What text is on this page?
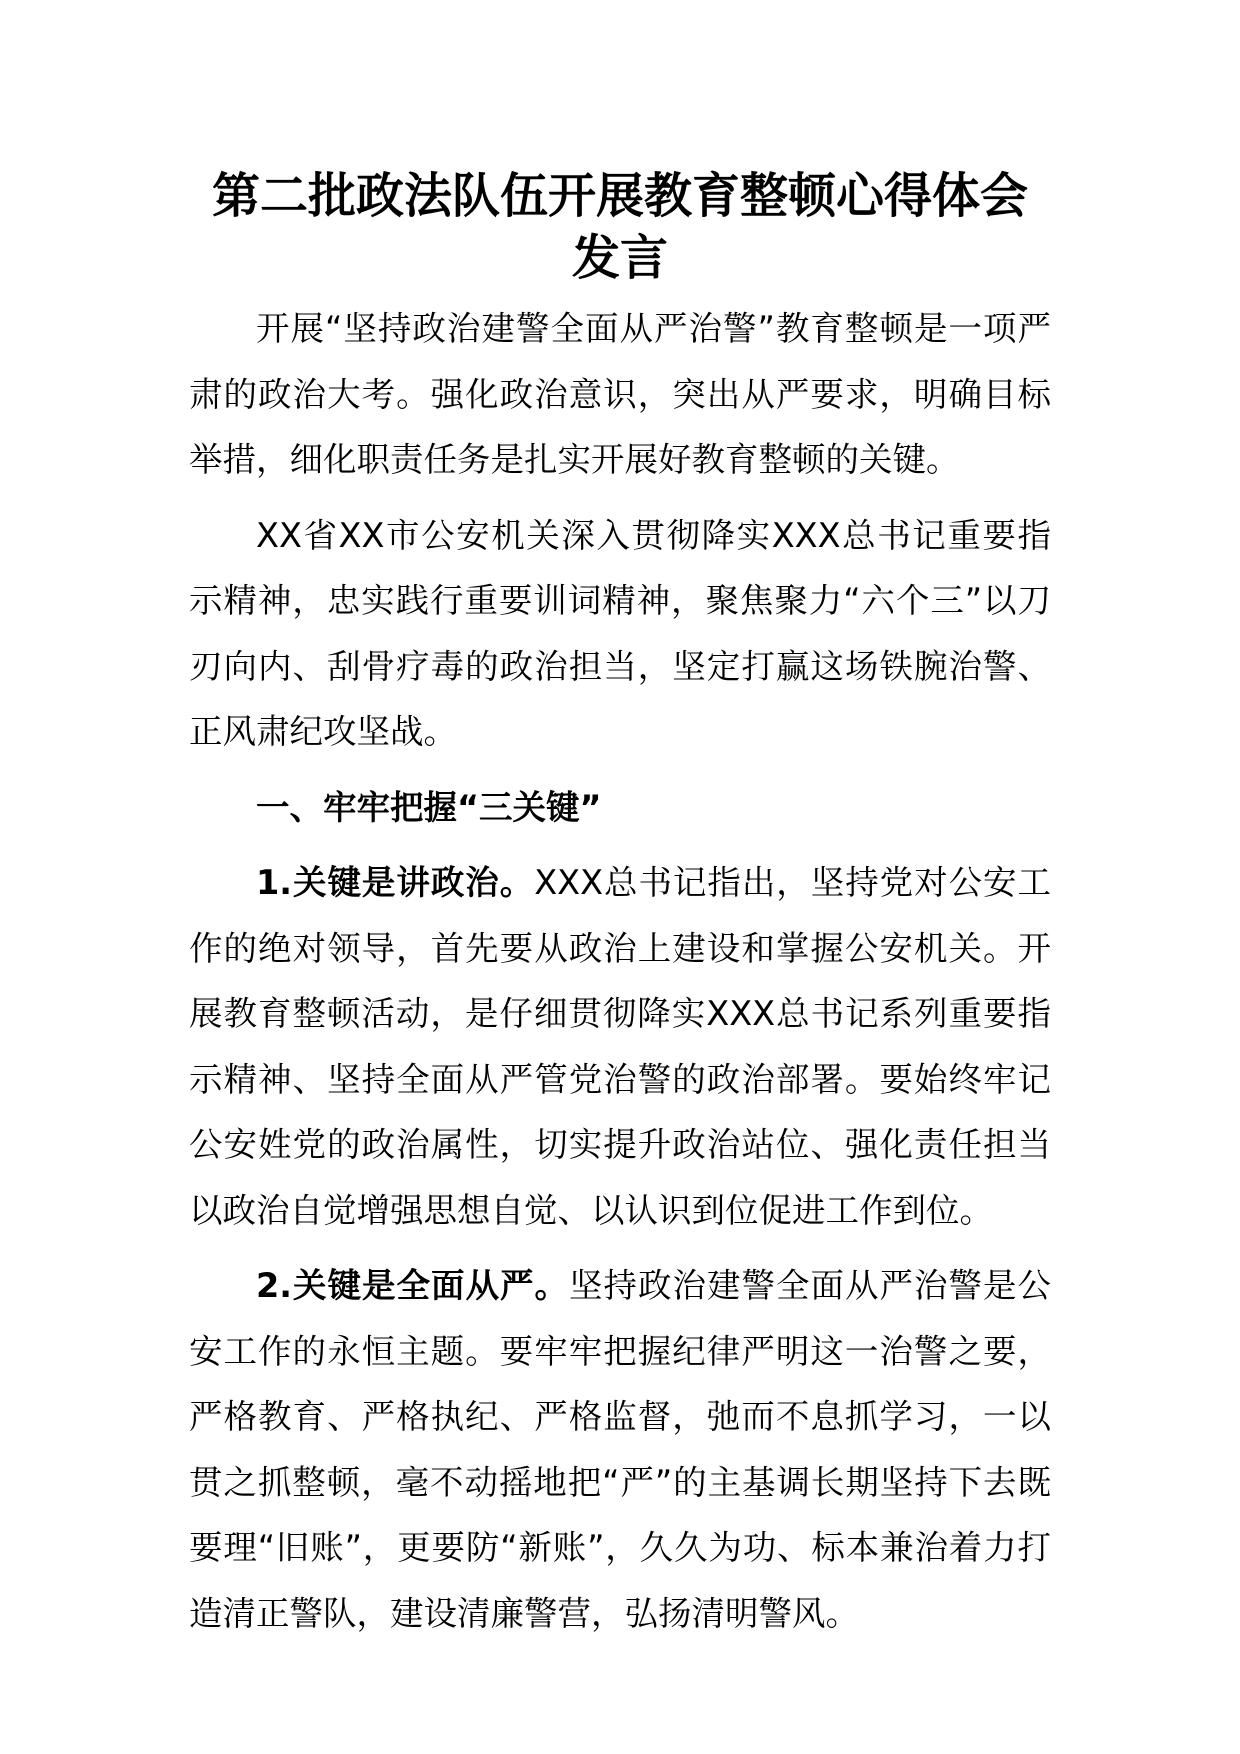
第二批政法队伍开展教育整顿心得体会发言

开展“坚持政治建警全面从严治警”教育整顿是一项严肃的政治大考。强化政治意识，突出从严要求，明确目标举措，细化职责任务是扎实开展好教育整顿的关键。

XX省XX市公安机关深入贯彻降实XXX总书记重要指示精神，忠实践行重要训词精神，聚焦聚力“六个三”以刀刃向内、刮骨疗毒的政治担当，坚定打赢这场铁腕治警、正风肃纪攻坚战。

一、牢牢把握“三关键”

1.关键是讲政治。XXX总书记指出，坚持党对公安工作的绝对领导，首先要从政治上建设和掌握公安机关。开展教育整顿活动，是仔细贯彻降实XXX总书记系列重要指示精神、坚持全面从严管党治警的政治部署。要始终牢记公安姓党的政治属性，切实提升政治站位、强化责任担当以政治自觉增强思想自觉、以认识到位促进工作到位。

2.关键是全面从严。坚持政治建警全面从严治警是公安工作的永恒主题。要牢牢把握纪律严明这一治警之要，严格教育、严格执纪、严格监督，弛而不息抓学习，一以贯之抓整顿，毫不动摇地把“严”的主基调长期坚持下去既要理“旧账”，更要防“新账”，久久为功、标本兼治着力打造清正警队，建设清廉警营，弘扬清明警风。
